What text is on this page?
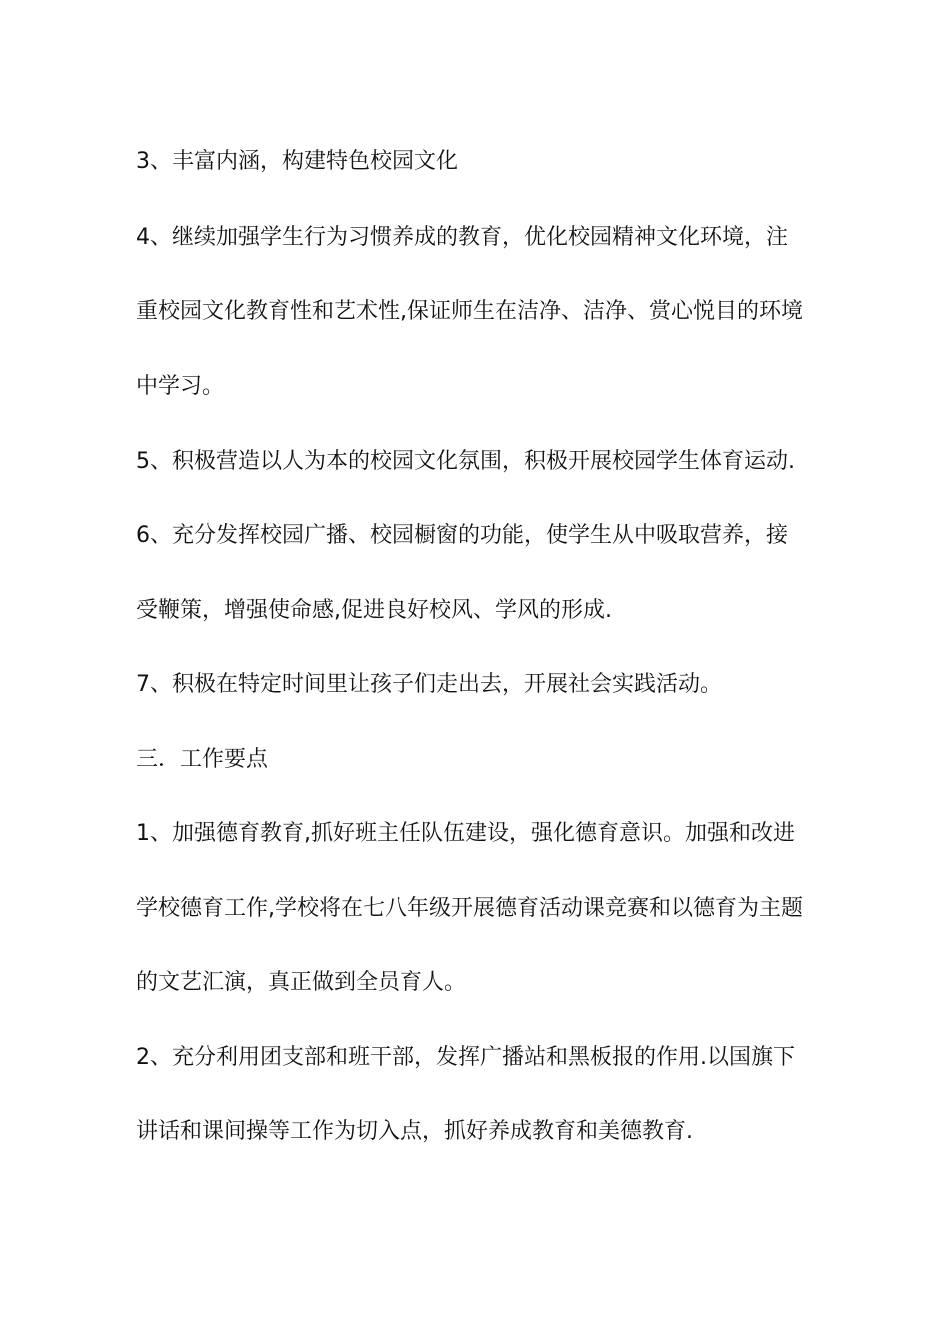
3、丰富内涵，构建特色校园文化
4、继续加强学生行为习惯养成的教育，优化校园精神文化环境，注
重校园文化教育性和艺术性,保证师生在洁净、洁净、赏心悦目的环境
中学习。
5、积极营造以人为本的校园文化氛围，积极开展校园学生体育运动.
6、充分发挥校园广播、校园橱窗的功能，使学生从中吸取营养，接
受鞭策，增强使命感,促进良好校风、学风的形成.
7、积极在特定时间里让孩子们走出去，开展社会实践活动。
三．工作要点
1、加强德育教育,抓好班主任队伍建设，强化德育意识。加强和改进
学校德育工作,学校将在七八年级开展德育活动课竞赛和以德育为主题
的文艺汇演，真正做到全员育人。
2、充分利用团支部和班干部，发挥广播站和黑板报的作用.以国旗下
讲话和课间操等工作为切入点，抓好养成教育和美德教育.
